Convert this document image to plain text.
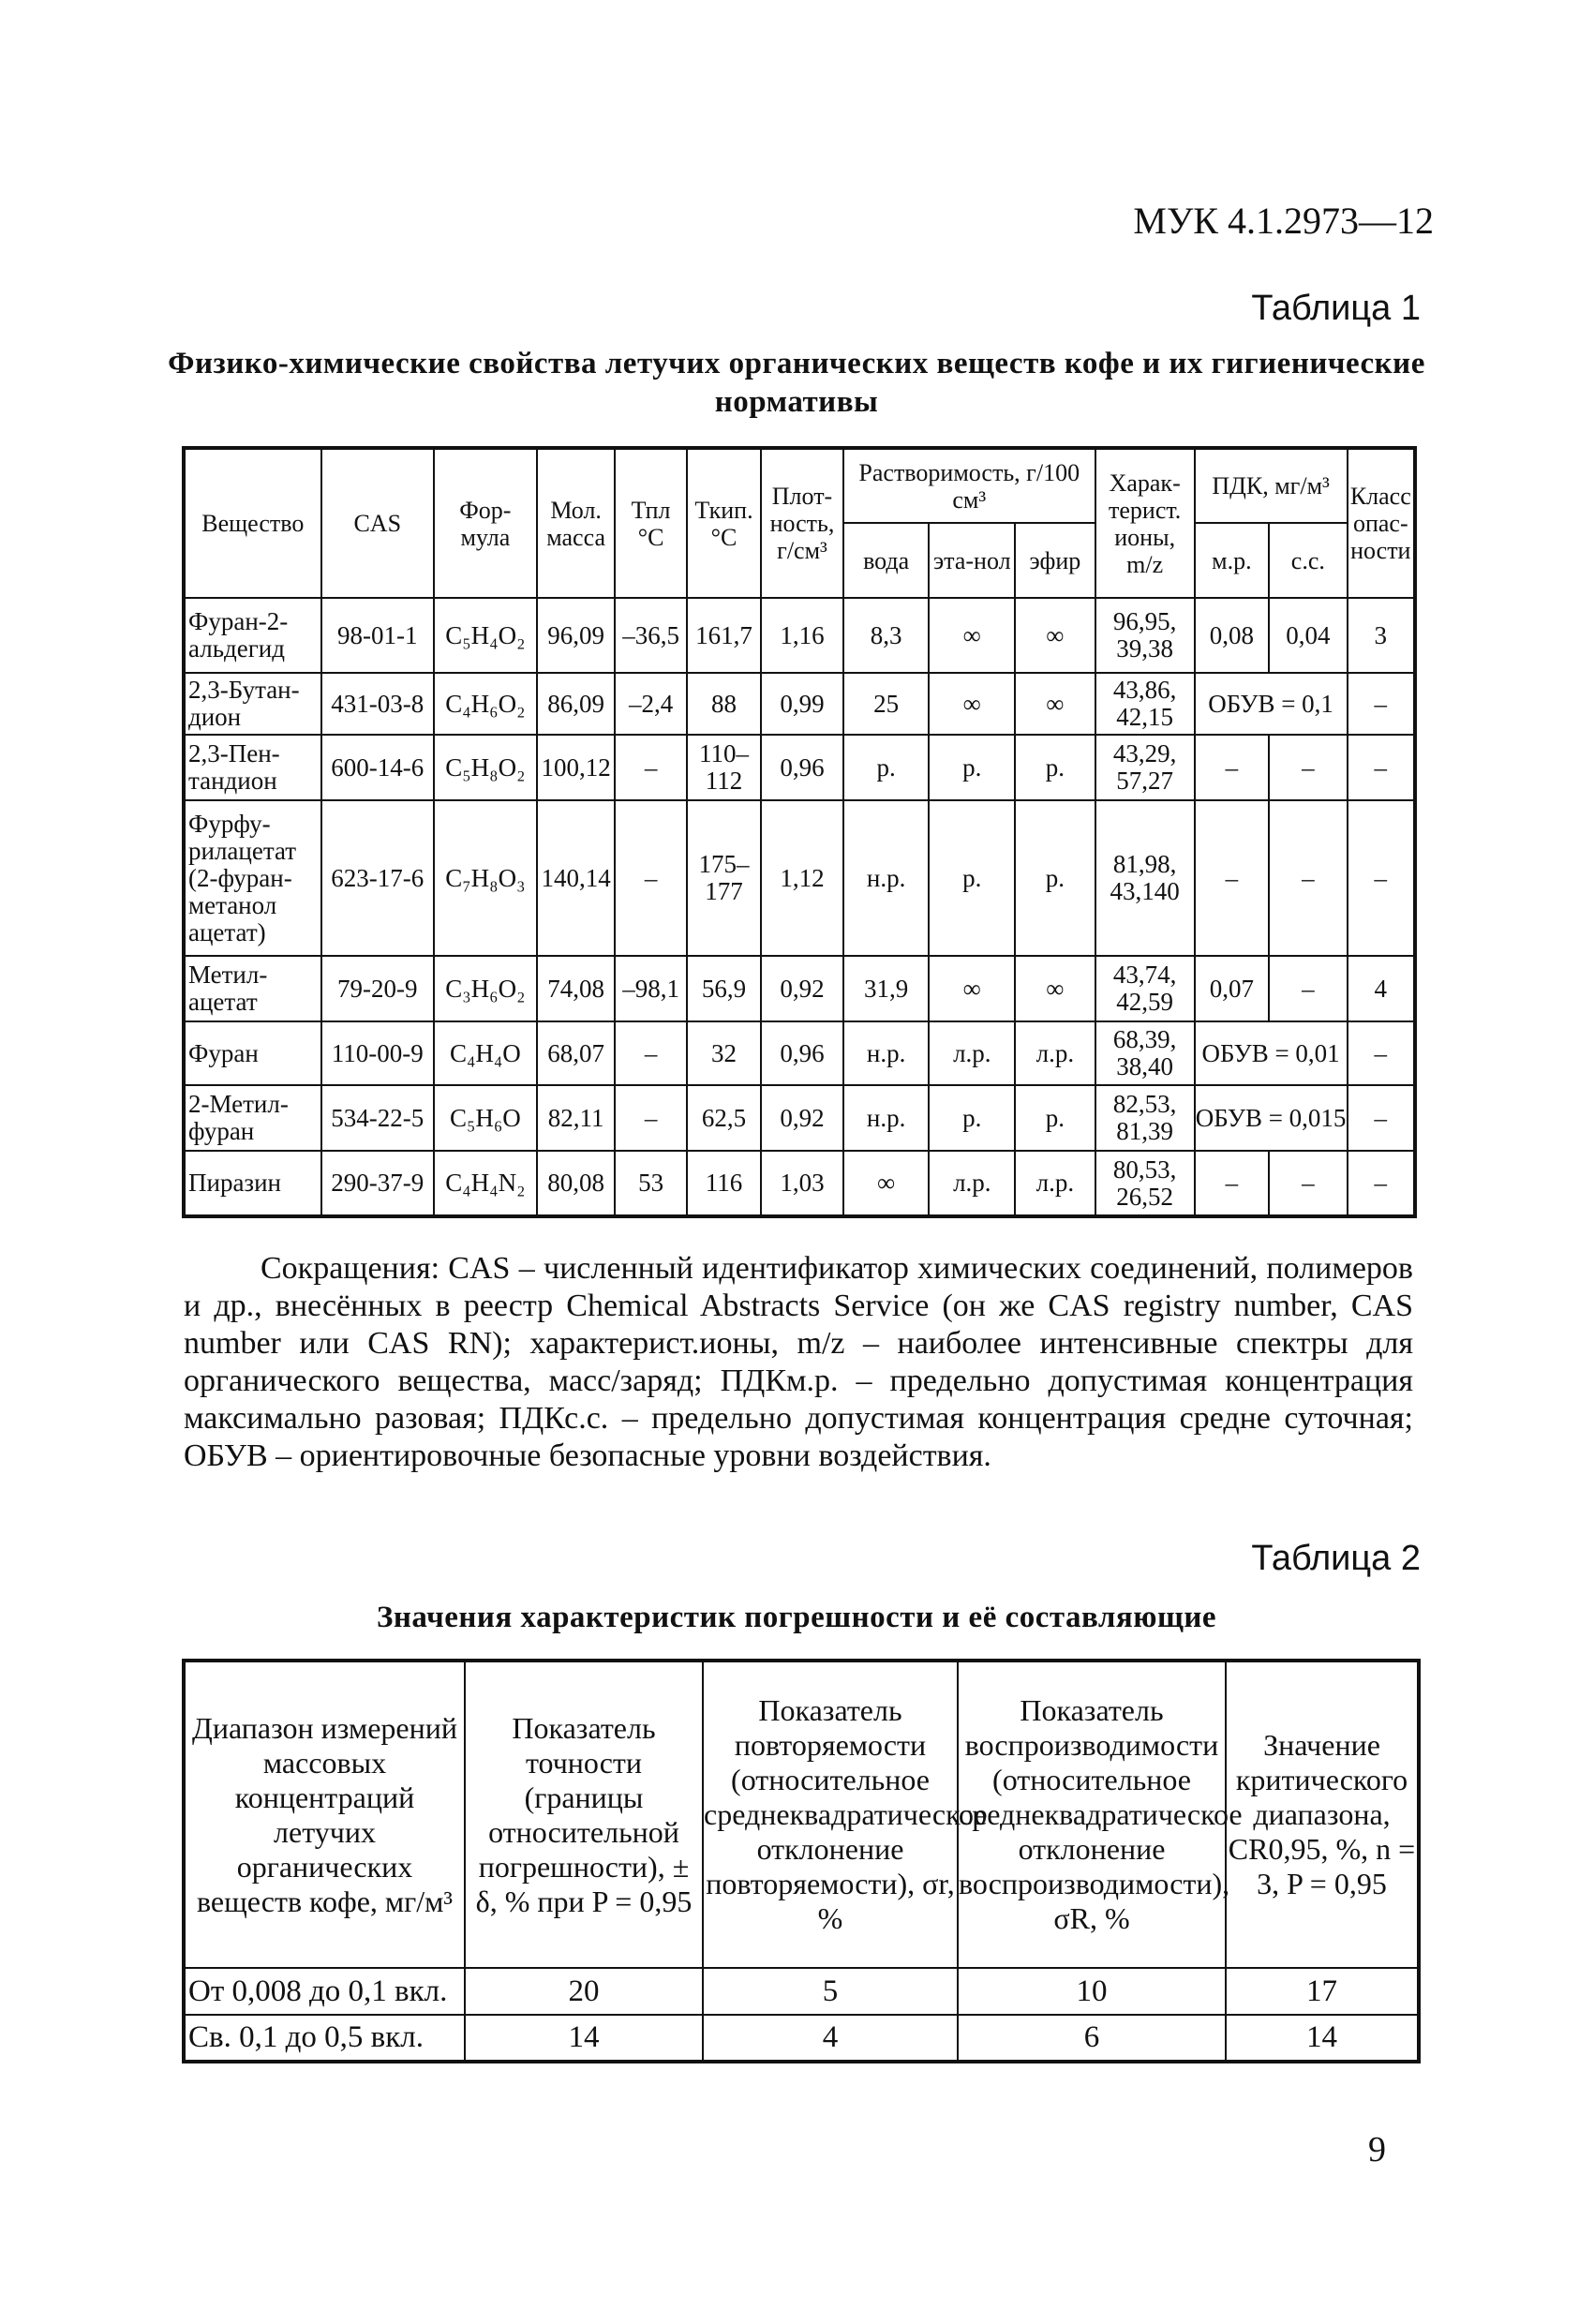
МУК 4.1.2973—12
Таблица 1
Физико-химические свойства летучих органических веществ кофе и их гигиенические нормативы
Вещество	CAS	Фор-мула	Мол. масса	Тпл °С	Ткип. °С	Плот-ность, г/см³	Растворимость, г/100 см³			Харак-терист. ионы, m/z	ПДК, мг/м³		Класс опас-ности
							вода	эта-нол	эфир		м.р.	с.с.	
Фуран-2-альдегид	98-01-1	C₅H₄O₂	96,09	–36,5	161,7	1,16	8,3	∞	∞	96,95, 39,38	0,08	0,04	3
2,3-Бутан-дион	431-03-8	C₄H₆O₂	86,09	–2,4	88	0,99	25	∞	∞	43,86, 42,15	ОБУВ = 0,1		–
2,3-Пен-тандион	600-14-6	C₅H₈O₂	100,12	–	110–112	0,96	р.	р.	р.	43,29, 57,27	–	–	–
Фурфу-рилацетат (2-фуран-метанол ацетат)	623-17-6	C₇H₈O₃	140,14	–	175–177	1,12	н.р.	р.	р.	81,98, 43,140	–	–	–
Метил-ацетат	79-20-9	C₃H₆O₂	74,08	–98,1	56,9	0,92	31,9	∞	∞	43,74, 42,59	0,07	–	4
Фуран	110-00-9	C₄H₄O	68,07	–	32	0,96	н.р.	л.р.	л.р.	68,39, 38,40	ОБУВ = 0,01		–
2-Метил-фуран	534-22-5	C₅H₆O	82,11	–	62,5	0,92	н.р.	р.	р.	82,53, 81,39	ОБУВ = 0,015		–
Пиразин	290-37-9	C₄H₄N₂	80,08	53	116	1,03	∞	л.р.	л.р.	80,53, 26,52	–	–	–
Сокращения: CAS – численный идентификатор химических соединений, полимеров и др., внесённых в реестр Chemical Abstracts Service (он же CAS registry number, CAS number или CAS RN); характерист.ионы, m/z – наиболее интенсивные спектры для органического вещества, масс/заряд; ПДКм.р. – предельно допустимая концентрация максимально разовая; ПДКс.с. – предельно допустимая концентрация средне суточная; ОБУВ – ориентировочные безопасные уровни воздействия.
Таблица 2
Значения характеристик погрешности и её составляющие
Диапазон измерений массовых концентраций летучих органических веществ кофе, мг/м³	Показатель точности (границы относительной погрешности), ± δ, % при P = 0,95	Показатель повторяемости (относительное среднеквадратическое отклонение повторяемости), σr, %	Показатель воспроизводимости (относительное среднеквадратическое отклонение воспроизводимости), σR, %	Значение критического диапазона, CR0,95, %, n = 3, P = 0,95
От 0,008 до 0,1 вкл.	20	5	10	17
Св. 0,1 до 0,5 вкл.	14	4	6	14
9
